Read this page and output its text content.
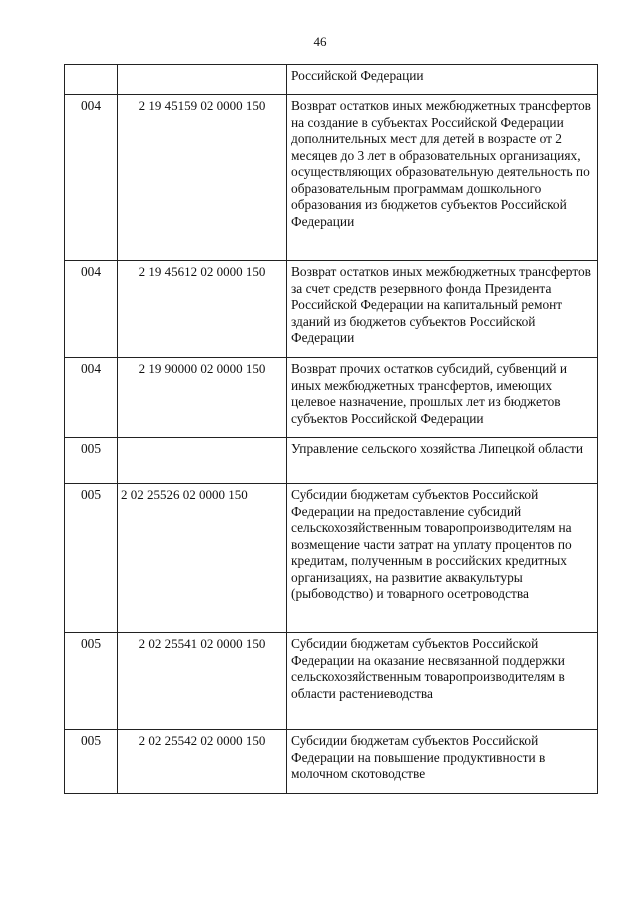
46
		Российской Федерации
004	2 19 45159 02 0000 150	Возврат остатков иных межбюджетных трансфертов на создание в субъектах Российской Федерации дополнительных мест для детей в возрасте от 2 месяцев до 3 лет в образовательных организациях, осуществляющих образовательную деятельность по образовательным программам дошкольного образования из бюджетов субъектов Российской Федерации
004	2 19 45612 02 0000 150	Возврат остатков иных межбюджетных трансфертов за счет средств резервного фонда Президента Российской Федерации на капитальный ремонт зданий из бюджетов субъектов Российской Федерации
004	2 19 90000 02 0000 150	Возврат прочих остатков субсидий, субвенций и иных межбюджетных трансфертов, имеющих целевое назначение, прошлых лет из бюджетов субъектов Российской Федерации
005		Управление сельского хозяйства Липецкой области
005	2 02 25526 02 0000 150	Субсидии бюджетам субъектов Российской Федерации на предоставление субсидий сельскохозяйственным товаропроизводителям на возмещение части затрат на уплату процентов по кредитам, полученным в российских кредитных организациях, на развитие аквакультуры (рыбоводство) и товарного осетроводства
005	2 02 25541 02 0000 150	Субсидии бюджетам субъектов Российской Федерации на оказание несвязанной поддержки сельскохозяйственным товаропроизводителям в области растениеводства
005	2 02 25542 02 0000 150	Субсидии бюджетам субъектов Российской Федерации на повышение продуктивности в молочном скотоводстве
